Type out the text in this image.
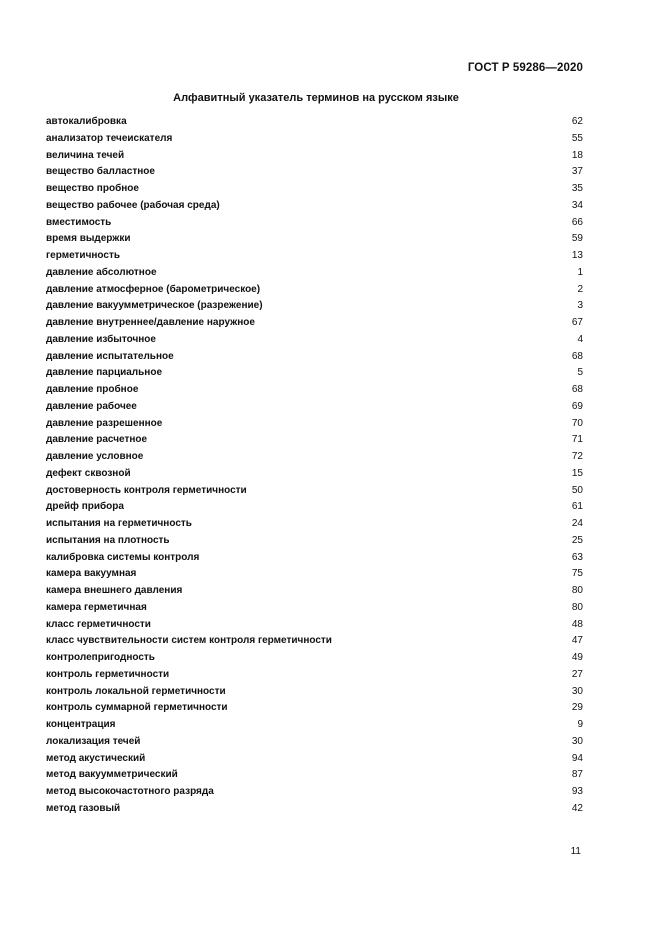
ГОСТ Р 59286—2020
Алфавитный указатель терминов на русском языке
автокалибровка	62
анализатор течеискателя	55
величина течей	18
вещество балластное	37
вещество пробное	35
вещество рабочее (рабочая среда)	34
вместимость	66
время выдержки	59
герметичность	13
давление абсолютное	1
давление атмосферное (барометрическое)	2
давление вакуумметрическое (разрежение)	3
давление внутреннее/давление наружное	67
давление избыточное	4
давление испытательное	68
давление парциальное	5
давление пробное	68
давление рабочее	69
давление разрешенное	70
давление расчетное	71
давление условное	72
дефект сквозной	15
достоверность контроля герметичности	50
дрейф прибора	61
испытания на герметичность	24
испытания на плотность	25
калибровка системы контроля	63
камера вакуумная	75
камера внешнего давления	80
камера герметичная	80
класс герметичности	48
класс чувствительности систем контроля герметичности	47
контролепригодность	49
контроль герметичности	27
контроль локальной герметичности	30
контроль суммарной герметичности	29
концентрация	9
локализация течей	30
метод акустический	94
метод вакуумметрический	87
метод высокочастотного разряда	93
метод газовый	42
11
